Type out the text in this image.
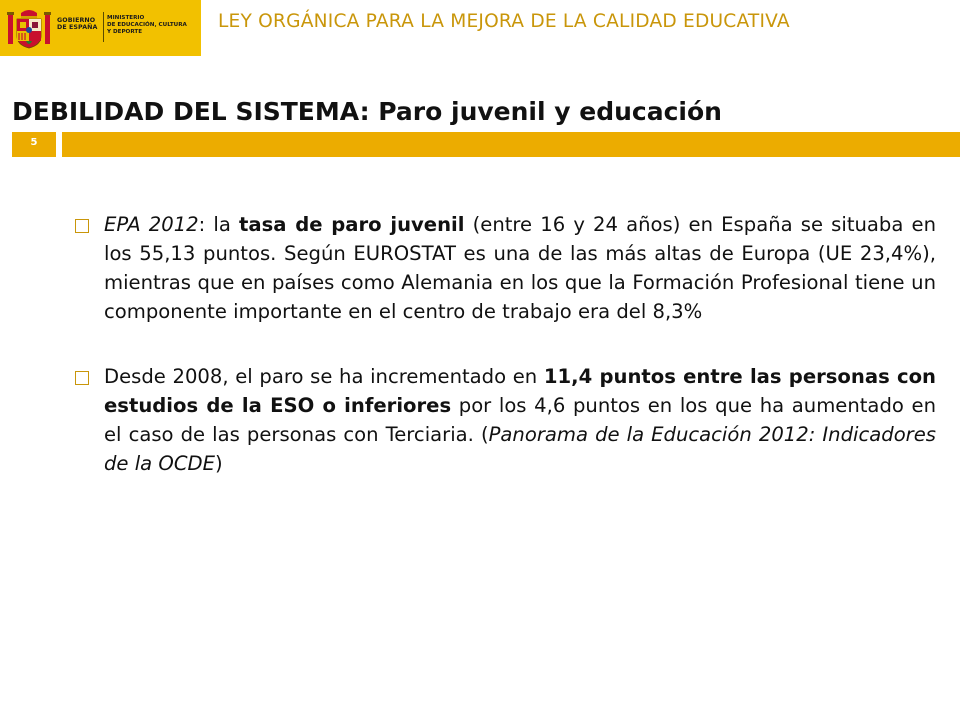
GOBIERNO
DE ESPAÑA
MINISTERIO
DE EDUCACIÓN, CULTURA
Y DEPORTE	LEY ORGÁNICA PARA LA MEJORA DE LA CALIDAD EDUCATIVA
DEBILIDAD DEL SISTEMA: Paro juvenil y educación
5
EPA 2012: la tasa de paro juvenil (entre 16 y 24 años) en España se situaba en los 55,13 puntos. Según EUROSTAT es una de las más altas de Europa (UE 23,4%), mientras que en países como Alemania en los que la Formación Profesional tiene un componente importante en el centro de trabajo era del 8,3%
Desde 2008, el paro se ha incrementado en 11,4 puntos entre las personas con estudios de la ESO o inferiores por los 4,6 puntos en los que ha aumentado en el caso de las personas con Terciaria. (Panorama de la Educación 2012: Indicadores de la OCDE)
